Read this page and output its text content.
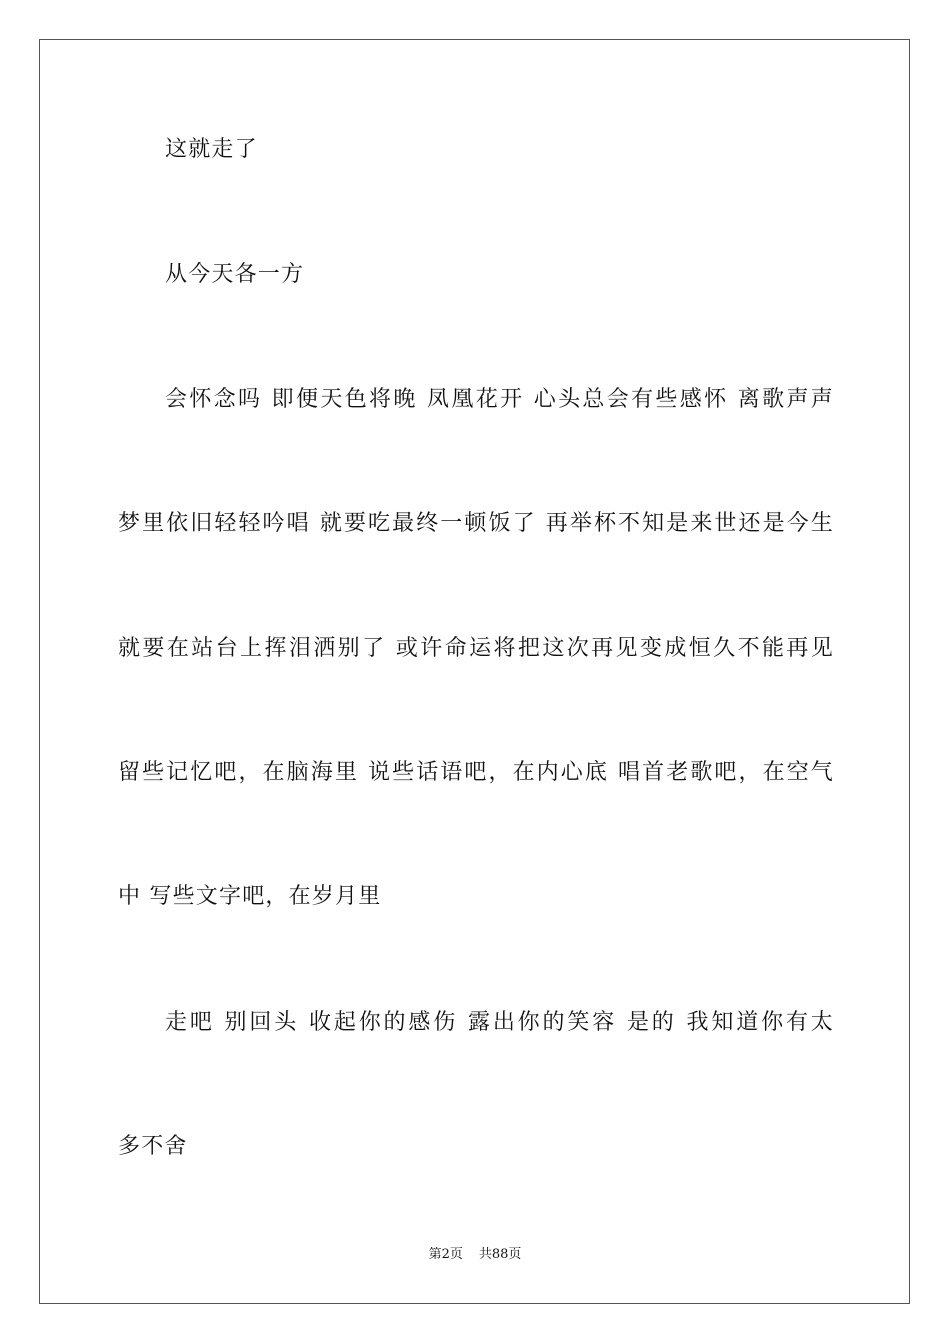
这就走了
从今天各一方
会怀念吗 即便天色将晚 凤凰花开 心头总会有些感怀 离歌声声
梦里依旧轻轻吟唱 就要吃最终一顿饭了 再举杯不知是来世还是今生
就要在站台上挥泪洒别了 或许命运将把这次再见变成恒久不能再见
留些记忆吧，在脑海里 说些话语吧，在内心底 唱首老歌吧，在空气
中 写些文字吧，在岁月里
走吧 别回头 收起你的感伤 露出你的笑容 是的 我知道你有太
多不舍
第2页 共88页
